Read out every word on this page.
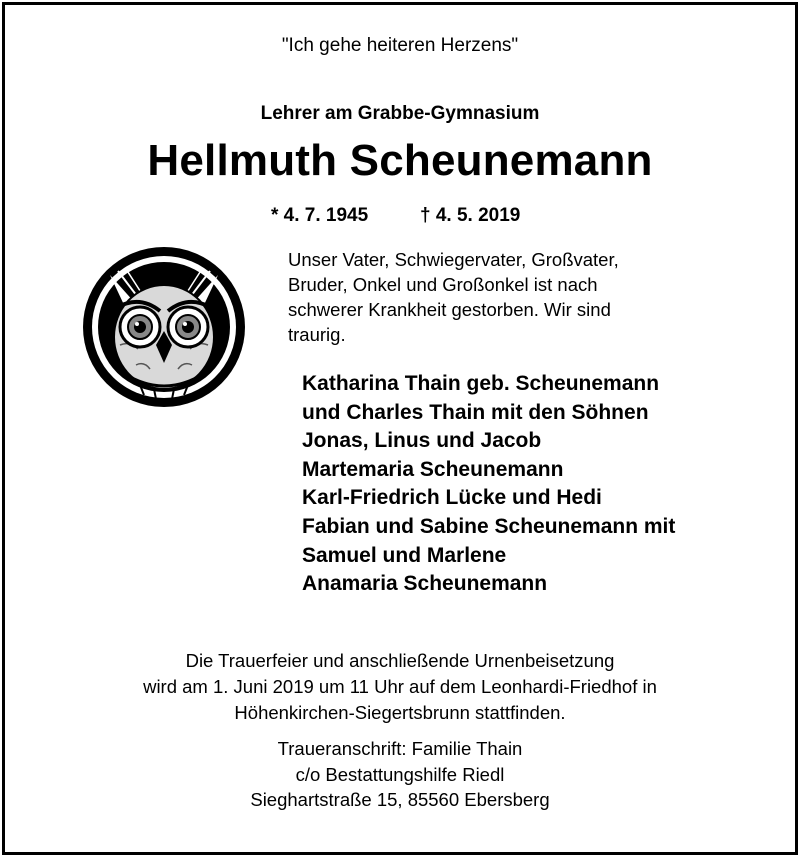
"Ich gehe heiteren Herzens"
Lehrer am Grabbe-Gymnasium
Hellmuth Scheunemann
* 4. 7. 1945	† 4. 5. 2019
Unser Vater, Schwiegervater, Großvater,
Bruder, Onkel und Großonkel ist nach
schwerer Krankheit gestorben. Wir sind
traurig.
Katharina Thain geb. Scheunemann
und Charles Thain mit den Söhnen
Jonas, Linus und Jacob
Martemaria Scheunemann
Karl-Friedrich Lücke und Hedi
Fabian und Sabine Scheunemann mit
Samuel und Marlene
Anamaria Scheunemann
Die Trauerfeier und anschließende Urnenbeisetzung
wird am 1. Juni 2019 um 11 Uhr auf dem Leonhardi-Friedhof in
Höhenkirchen-Siegertsbrunn stattfinden.
Traueranschrift: Familie Thain
c/o Bestattungshilfe Riedl
Sieghartstraße 15, 85560 Ebersberg
